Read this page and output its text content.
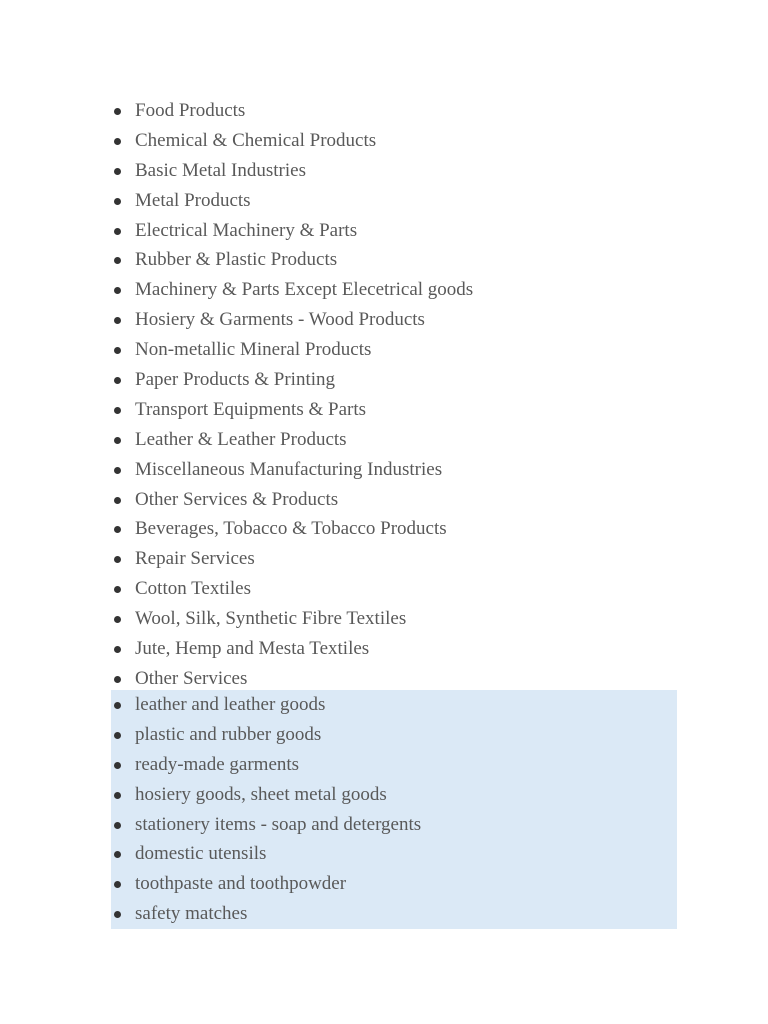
Food Products
Chemical & Chemical Products
Basic Metal Industries
Metal Products
Electrical Machinery & Parts
Rubber & Plastic Products
Machinery & Parts Except Elecetrical goods
Hosiery & Garments - Wood Products
Non-metallic Mineral Products
Paper Products & Printing
Transport Equipments & Parts
Leather & Leather Products
Miscellaneous Manufacturing Industries
Other Services & Products
Beverages, Tobacco & Tobacco Products
Repair Services
Cotton Textiles
Wool, Silk, Synthetic Fibre Textiles
Jute, Hemp and Mesta Textiles
Other Services
leather and leather goods
plastic and rubber goods
ready-made garments
hosiery goods, sheet metal goods
stationery items - soap and detergents
domestic utensils
toothpaste and toothpowder
safety matches
